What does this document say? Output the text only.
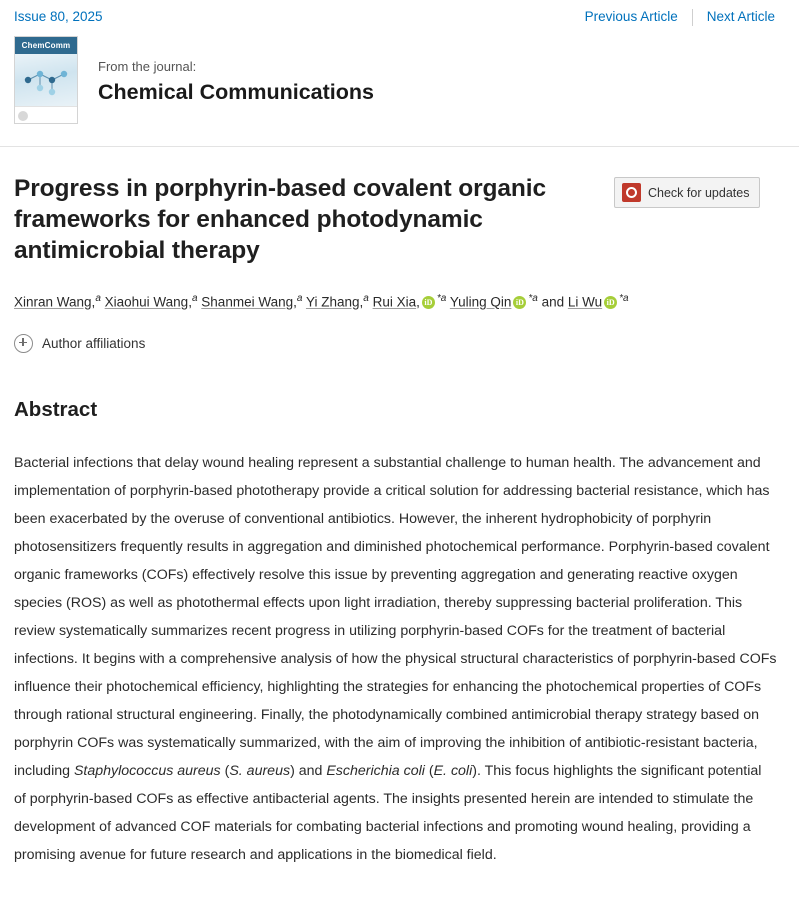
Issue 80, 2025	Previous Article	Next Article
ChemComm
From the journal:
Chemical Communications
Progress in porphyrin-based covalent organic frameworks for enhanced photodynamic antimicrobial therapy
Check for updates
Xinran Wang,$^a$ Xiaohui Wang,$^a$ Shanmei Wang,$^a$ Yi Zhang,$^a$ Rui Xia, iD $^{*a}$ Yuling Qin iD $^{*a}$ and Li WuiD $^{*a}$
Author affiliations
Abstract
Bacterial infections that delay wound healing represent a substantial challenge to human health. The advancement and implementation of porphyrin-based phototherapy provide a critical solution for addressing bacterial resistance, which has been exacerbated by the overuse of conventional antibiotics. However, the inherent hydrophobicity of porphyrin photosensitizers frequently results in aggregation and diminished photochemical performance. Porphyrin-based covalent organic frameworks (COFs) effectively resolve this issue by preventing aggregation and generating reactive oxygen species (ROS) as well as photothermal effects upon light irradiation, thereby suppressing bacterial proliferation. This review systematically summarizes recent progress in utilizing porphyrin-based COFs for the treatment of bacterial infections. It begins with a comprehensive analysis of how the physical structural characteristics of porphyrin-based COFs influence their photochemical efficiency, highlighting the strategies for enhancing the photochemical properties of COFs through rational structural engineering. Finally, the photodynamically combined antimicrobial therapy strategy based on porphyrin COFs was systematically summarized, with the aim of improving the inhibition of antibiotic-resistant bacteria, including Staphylococcus aureus (S. aureus) and Escherichia coli (E. coli). This focus highlights the significant potential of porphyrin-based COFs as effective antibacterial agents. The insights presented herein are intended to stimulate the development of advanced COF materials for combating bacterial infections and promoting wound healing, providing a promising avenue for future research and applications in the biomedical field.
